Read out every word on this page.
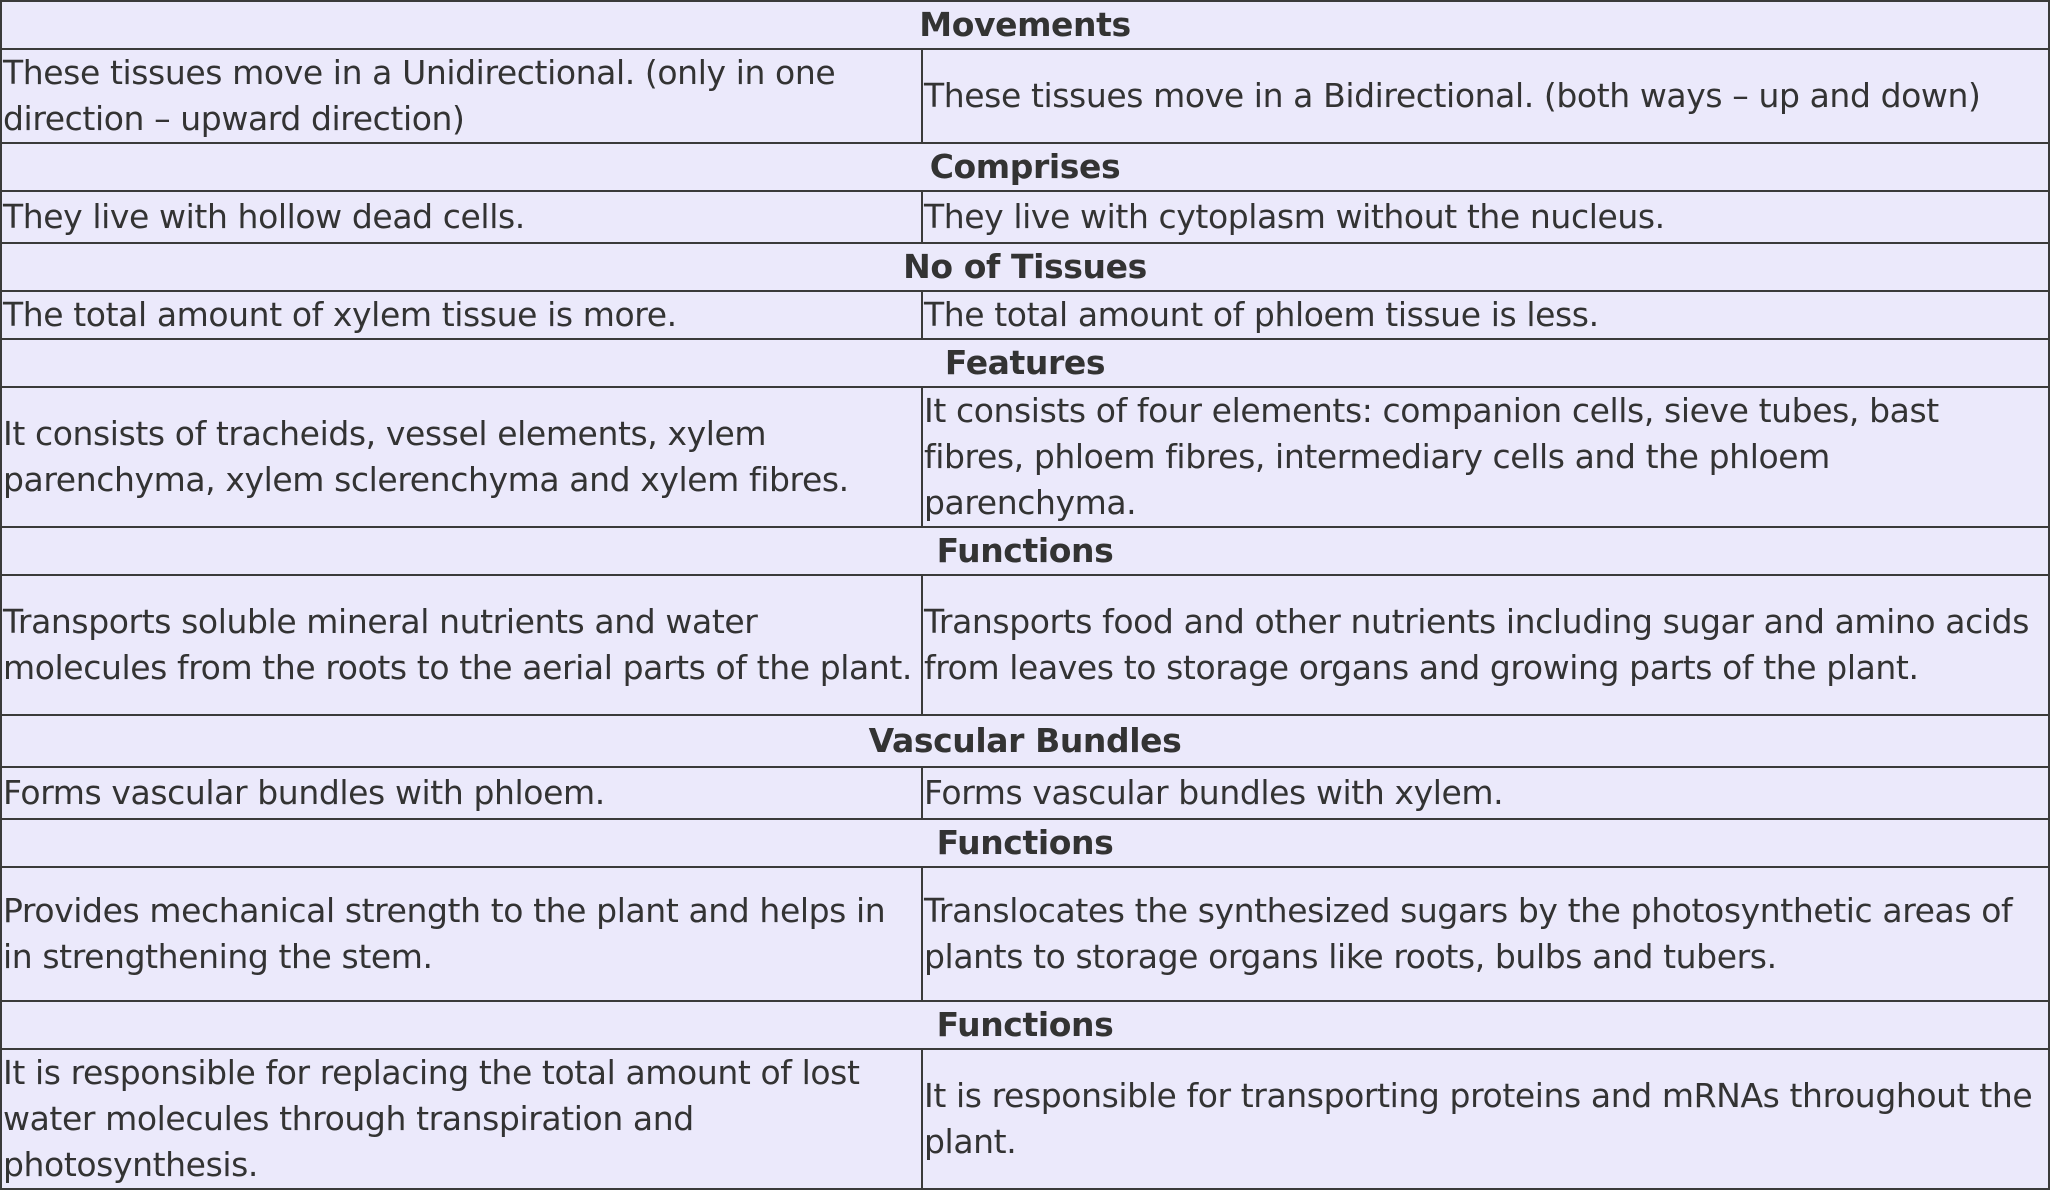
Movements	
These tissues move in a Unidirectional. (only in one direction – upward direction)	These tissues move in a Bidirectional. (both ways – up and down)
Comprises	
They live with hollow dead cells.	They live with cytoplasm without the nucleus.
No of Tissues	
The total amount of xylem tissue is more.	The total amount of phloem tissue is less.
Features	
It consists of tracheids, vessel elements, xylem parenchyma, xylem sclerenchyma and xylem fibres.	It consists of four elements: companion cells, sieve tubes, bast fibres, phloem fibres, intermediary cells and the phloem parenchyma.
Functions	
Transports soluble mineral nutrients and water molecules from the roots to the aerial parts of the plant.	Transports food and other nutrients including sugar and amino acids from leaves to storage organs and growing parts of the plant.
Vascular Bundles	
Forms vascular bundles with phloem.	Forms vascular bundles with xylem.
Functions	
Provides mechanical strength to the plant and helps in in strengthening the stem.	Translocates the synthesized sugars by the photosynthetic areas of plants to storage organs like roots, bulbs and tubers.
Functions	
It is responsible for replacing the total amount of lost water molecules through transpiration and photosynthesis.	It is responsible for transporting proteins and mRNAs throughout the plant.
